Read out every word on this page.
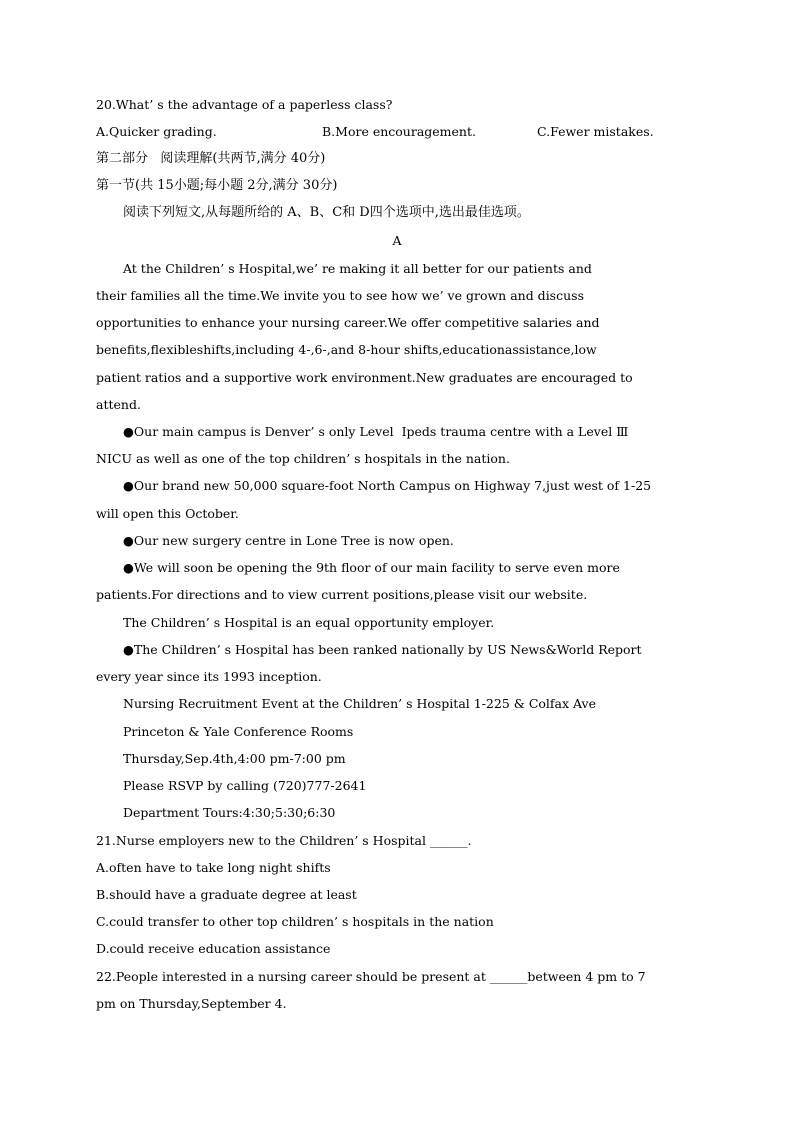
20.What’ s the advantage of a paperless class?
A.Quicker grading.	B.More encouragement.	C.Fewer mistakes.
第二部分   阅读理解(共两节,满分 40分)
第一节(共 15小题;每小题 2分,满分 30分)
阅读下列短文,从每题所给的 A、B、C和 D四个选项中,选出最佳选项。
A
At the Children’ s Hospital,we’ re making it all better for our patients and
their families all the time.We invite you to see how we’ ve grown and discuss
opportunities to enhance your nursing career.We offer competitive salaries and
benefits,flexibleshifts,including 4-,6-,and 8-hour shifts,educationassistance,low
patient ratios and a supportive work environment.New graduates are encouraged to
attend.
●Our main campus is Denver’ s only Level  Ⅰpeds trauma centre with a Level Ⅲ
NICU as well as one of the top children’ s hospitals in the nation.
●Our brand new 50,000 square-foot North Campus on Highway 7,just west of 1-25
will open this October.
●Our new surgery centre in Lone Tree is now open.
●We will soon be opening the 9th floor of our main facility to serve even more
patients.For directions and to view current positions,please visit our website.
The Children’ s Hospital is an equal opportunity employer.
●The Children’ s Hospital has been ranked nationally by US News&World Report
every year since its 1993 inception.
Nursing Recruitment Event at the Children’ s Hospital 1-225 & Colfax Ave
Princeton & Yale Conference Rooms
Thursday,Sep.4th,4:00 pm-7:00 pm
Please RSVP by calling (720)777-2641
Department Tours:4:30;5:30;6:30
21.Nurse employers new to the Children’ s Hospital ______.
A.often have to take long night shifts
B.should have a graduate degree at least
C.could transfer to other top children’ s hospitals in the nation
D.could receive education assistance
22.People interested in a nursing career should be present at ______between 4 pm to 7
pm on Thursday,September 4.
